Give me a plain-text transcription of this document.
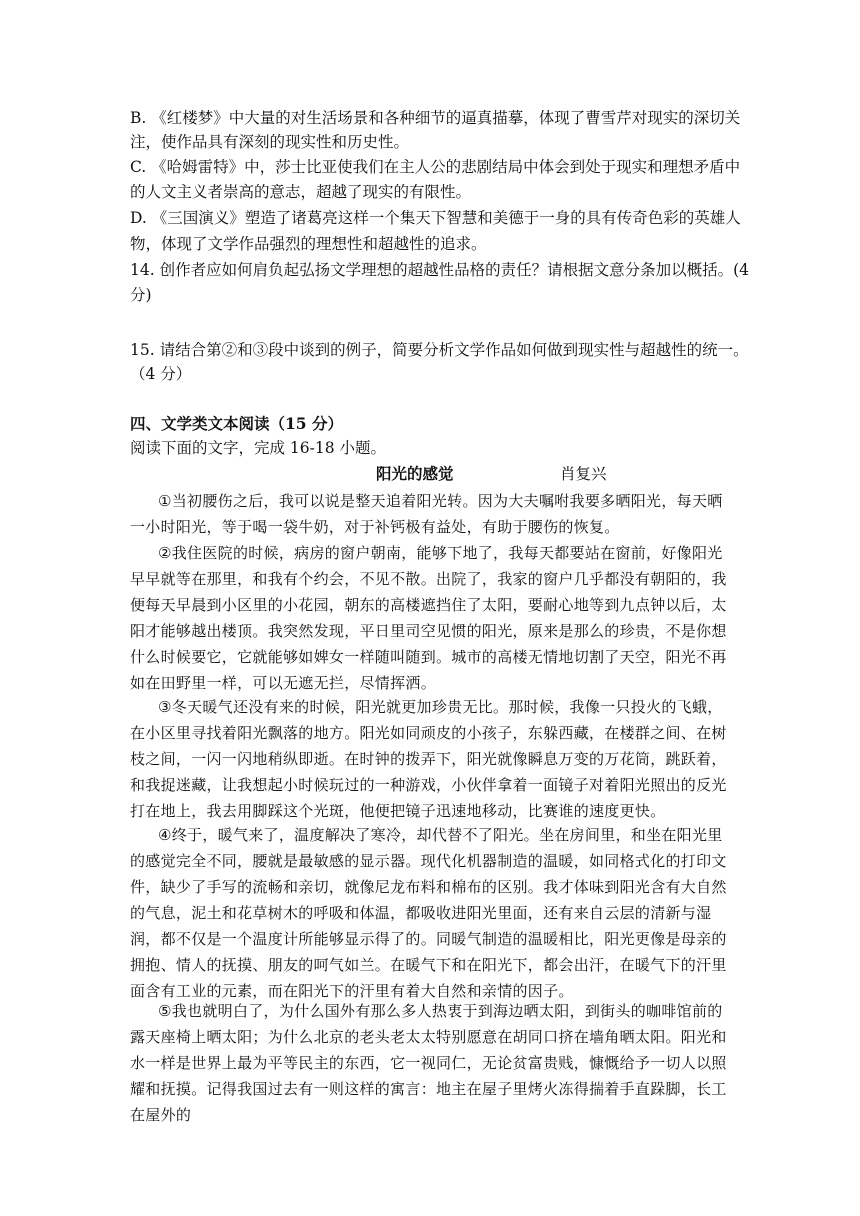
B. 《红楼梦》中大量的对生活场景和各种细节的逼真描摹，体现了曹雪芹对现实的深切关
注，使作品具有深刻的现实性和历史性。
C. 《哈姆雷特》中，莎士比亚使我们在主人公的悲剧结局中体会到处于现实和理想矛盾中
的人文主义者崇高的意志，超越了现实的有限性。
D. 《三国演义》塑造了诸葛亮这样一个集天下智慧和美德于一身的具有传奇色彩的英雄人
物，体现了文学作品强烈的理想性和超越性的追求。
14. 创作者应如何肩负起弘扬文学理想的超越性品格的责任？请根据文意分条加以概括。(4
分)
15. 请结合第②和③段中谈到的例子，简要分析文学作品如何做到现实性与超越性的统一。
（4 分）
四、文学类文本阅读（15 分）
阅读下面的文字，完成 16-18 小题。
阳光的感觉	肖复兴
①当初腰伤之后，我可以说是整天追着阳光转。因为大夫嘱咐我要多晒阳光，每天晒一小时阳光，等于喝一袋牛奶，对于补钙极有益处，有助于腰伤的恢复。
②我住医院的时候，病房的窗户朝南，能够下地了，我每天都要站在窗前，好像阳光早早就等在那里，和我有个约会，不见不散。出院了，我家的窗户几乎都没有朝阳的，我便每天早晨到小区里的小花园，朝东的高楼遮挡住了太阳，要耐心地等到九点钟以后，太阳才能够越出楼顶。我突然发现，平日里司空见惯的阳光，原来是那么的珍贵，不是你想什么时候要它，它就能够如婢女一样随叫随到。城市的高楼无情地切割了天空，阳光不再如在田野里一样，可以无遮无拦，尽情挥洒。
③冬天暖气还没有来的时候，阳光就更加珍贵无比。那时候，我像一只投火的飞蛾，在小区里寻找着阳光飘落的地方。阳光如同顽皮的小孩子，东躲西藏，在楼群之间、在树枝之间，一闪一闪地稍纵即逝。在时钟的拨弄下，阳光就像瞬息万变的万花筒，跳跃着，和我捉迷藏，让我想起小时候玩过的一种游戏，小伙伴拿着一面镜子对着阳光照出的反光打在地上，我去用脚踩这个光斑，他便把镜子迅速地移动，比赛谁的速度更快。
④终于，暖气来了，温度解决了寒冷，却代替不了阳光。坐在房间里，和坐在阳光里的感觉完全不同，腰就是最敏感的显示器。现代化机器制造的温暖，如同格式化的打印文件，缺少了手写的流畅和亲切，就像尼龙布料和棉布的区别。我才体味到阳光含有大自然的气息，泥土和花草树木的呼吸和体温，都吸收进阳光里面，还有来自云层的清新与湿润，都不仅是一个温度计所能够显示得了的。同暖气制造的温暖相比，阳光更像是母亲的拥抱、情人的抚摸、朋友的呵气如兰。在暖气下和在阳光下，都会出汗，在暖气下的汗里面含有工业的元素，而在阳光下的汗里有着大自然和亲情的因子。
⑤我也就明白了，为什么国外有那么多人热衷于到海边晒太阳，到街头的咖啡馆前的露天座椅上晒太阳；为什么北京的老头老太太特别愿意在胡同口挤在墙角晒太阳。阳光和水一样是世界上最为平等民主的东西，它一视同仁，无论贫富贵贱，慷慨给予一切人以照耀和抚摸。记得我国过去有一则这样的寓言：地主在屋子里烤火冻得揣着手直跺脚，长工在屋外的
